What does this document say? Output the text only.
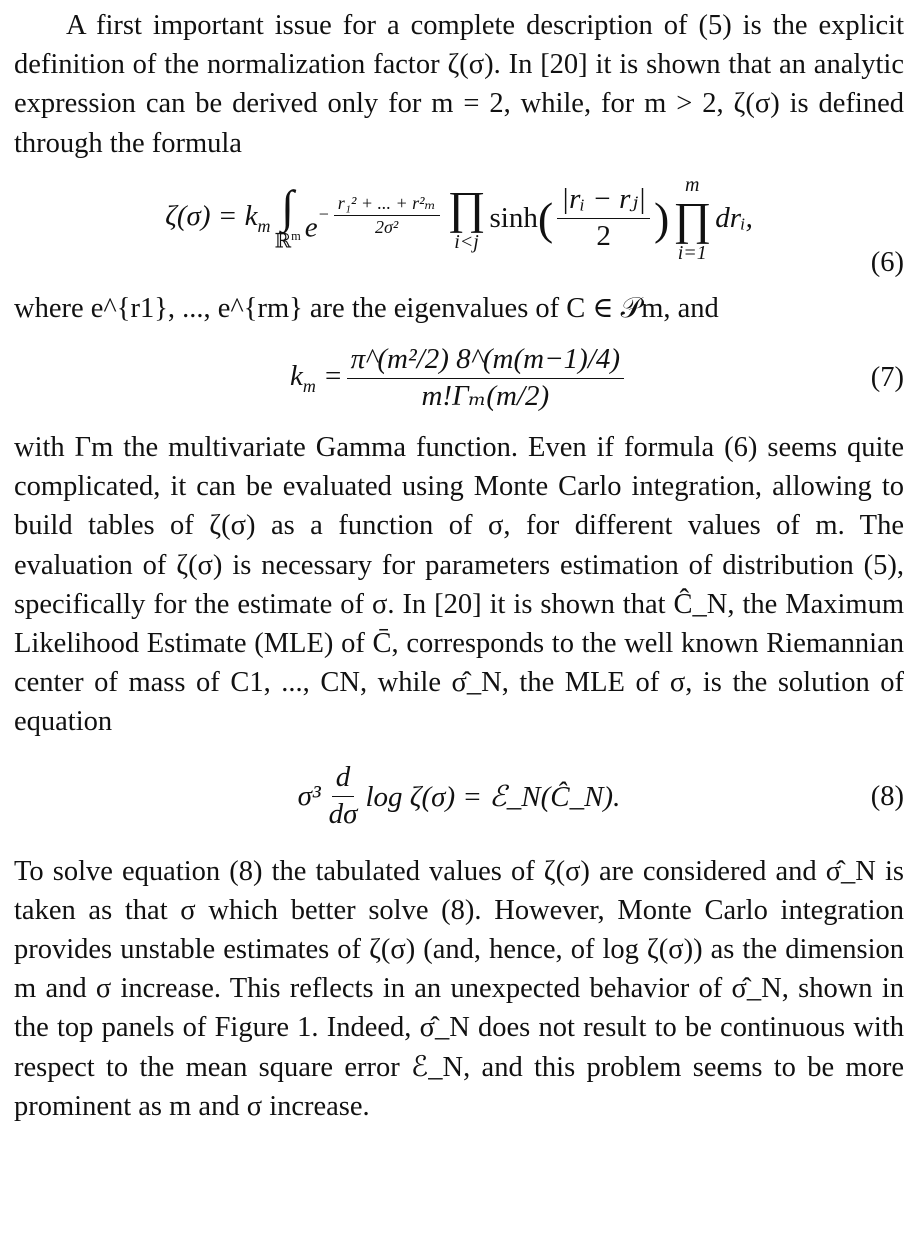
A first important issue for a complete description of (5) is the explicit definition of the normalization factor ζ(σ). In [20] it is shown that an analytic expression can be derived only for m = 2, while, for m > 2, ζ(σ) is defined through the formula

$\zeta(\sigma) = k_m$ ∫
ℝ$^m$ $e^{- \frac{\text{r₁² + ... + r²ₘ}}{\text{2σ²}}}$ ∏
i<j
sinh ( $\frac{\text{|rᵢ − rⱼ|}}{2}$ )
m
∏
i=1
drᵢ,
(6)

where e^{r1}, ..., e^{rm} are the eigenvalues of C ∈ 𝒫m, and

$k_m = \frac{\text{π\textasciicircum{}(m²/2) 8\textasciicircum{}(m(m−1)/4)}}{\text{m!Γₘ(m/2)}}$	(7)

with Γm the multivariate Gamma function. Even if formula (6) seems quite complicated, it can be evaluated using Monte Carlo integration, allowing to build tables of ζ(σ) as a function of σ, for different values of m. The evaluation of ζ(σ) is necessary for parameters estimation of distribution (5), specifically for the estimate of σ. In [20] it is shown that Ĉ_N, the Maximum Likelihood Estimate (MLE) of C̄, corresponds to the well known Riemannian center of mass of C1, ..., CN, while σ̂_N, the MLE of σ, is the solution of equation

$\sigma^3 \frac{d}{d\sigma}$ log ζ(σ) = ℰ_N(Ĉ_N).	(8)

To solve equation (8) the tabulated values of ζ(σ) are considered and σ̂_N is taken as that σ which better solve (8). However, Monte Carlo integration provides unstable estimates of ζ(σ) (and, hence, of log ζ(σ)) as the dimension m and σ increase. This reflects in an unexpected behavior of σ̂_N, shown in the top panels of Figure 1. Indeed, σ̂_N does not result to be continuous with respect to the mean square error ℰ_N, and this problem seems to be more prominent as m and σ increase.
